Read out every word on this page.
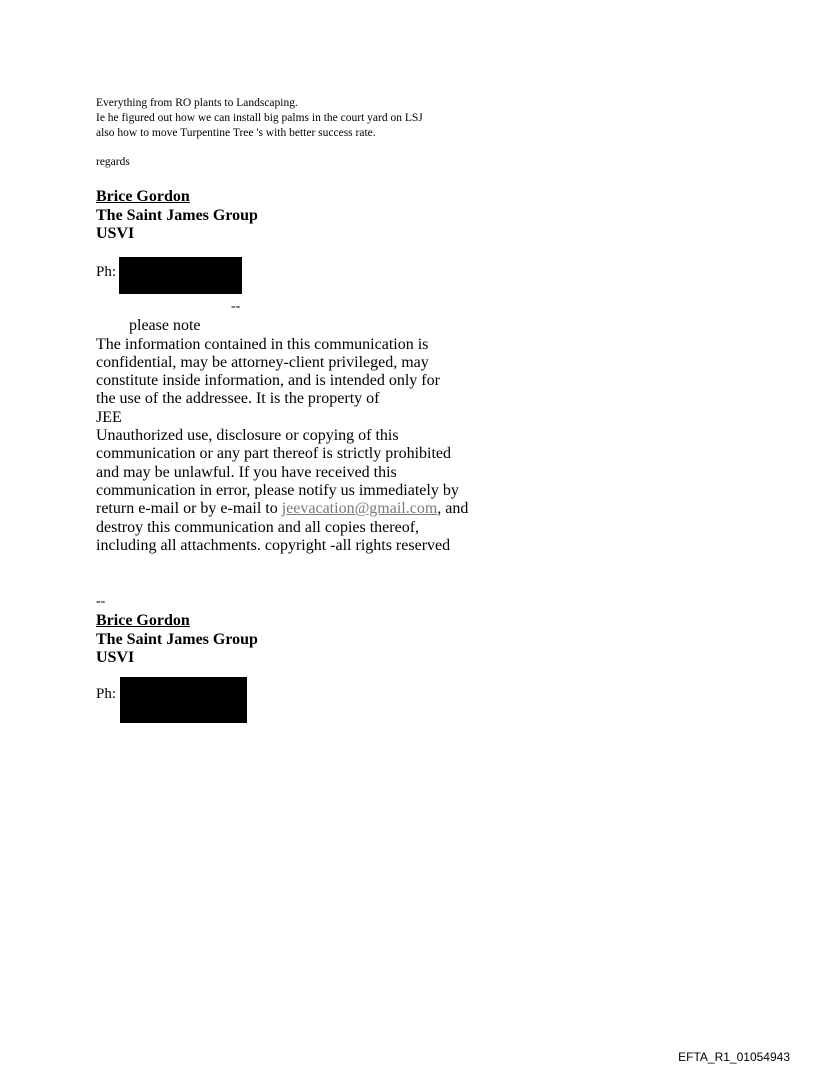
Everything from RO plants to Landscaping.
Ie he figured out how we can install big palms in the court yard on LSJ
also how to move Turpentine Tree 's with better success rate.
regards
Brice Gordon
The Saint James Group
USVI
Ph:
--
please note
The information contained in this communication is
confidential, may be attorney-client privileged, may
constitute inside information, and is intended only for
the use of the addressee. It is the property of
JEE
Unauthorized use, disclosure or copying of this
communication or any part thereof is strictly prohibited
and may be unlawful. If you have received this
communication in error, please notify us immediately by
return e-mail or by e-mail to jeevacation@gmail.com, and
destroy this communication and all copies thereof,
including all attachments. copyright -all rights reserved
--
Brice Gordon
The Saint James Group
USVI
Ph:
EFTA_R1_01054943
